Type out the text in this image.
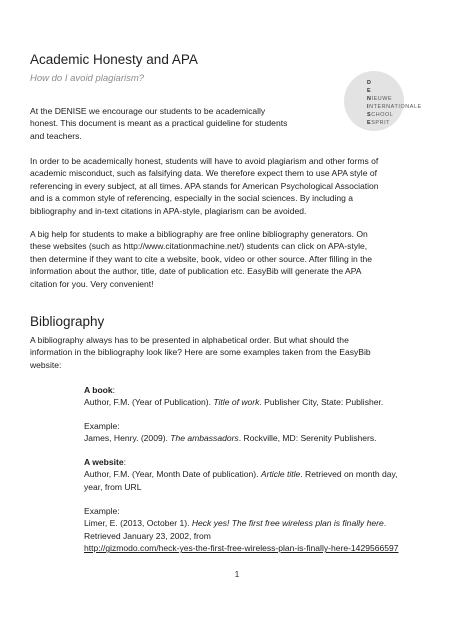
Academic Honesty and APA

How do I avoid plagiarism?	D
E
NIEUWE
INTERNATIONALE
SCHOOL
ESPRIT
At the DENISE we encourage our students to be academically
honest. This document is meant as a practical guideline for students
and teachers.
In order to be academically honest, students will have to avoid plagiarism and other forms of
academic misconduct, such as falsifying data. We therefore expect them to use APA style of
referencing in every subject, at all times. APA stands for American Psychological Association
and is a common style of referencing, especially in the social sciences. By including a
bibliography and in-text citations in APA-style, plagiarism can be avoided.
A big help for students to make a bibliography are free online bibliography generators. On
these websites (such as http://www.citationmachine.net/) students can click on APA-style,
then determine if they want to cite a website, book, video or other source. After filling in the
information about the author, title, date of publication etc. EasyBib will generate the APA
citation for you. Very convenient!
Bibliography
A bibliography always has to be presented in alphabetical order. But what should the
information in the bibliography look like? Here are some examples taken from the EasyBib
website:
A book:
Author, F.M. (Year of Publication). Title of work. Publisher City, State: Publisher.
Example:
James, Henry. (2009). The ambassadors. Rockville, MD: Serenity Publishers.
A website:
Author, F.M. (Year, Month Date of publication). Article title. Retrieved on month day,
year, from URL
Example:
Limer, E. (2013, October 1). Heck yes! The first free wireless plan is finally here.
Retrieved January 23, 2002, from
http://gizmodo.com/heck-yes-the-first-free-wireless-plan-is-finally-here-1429566597
1
